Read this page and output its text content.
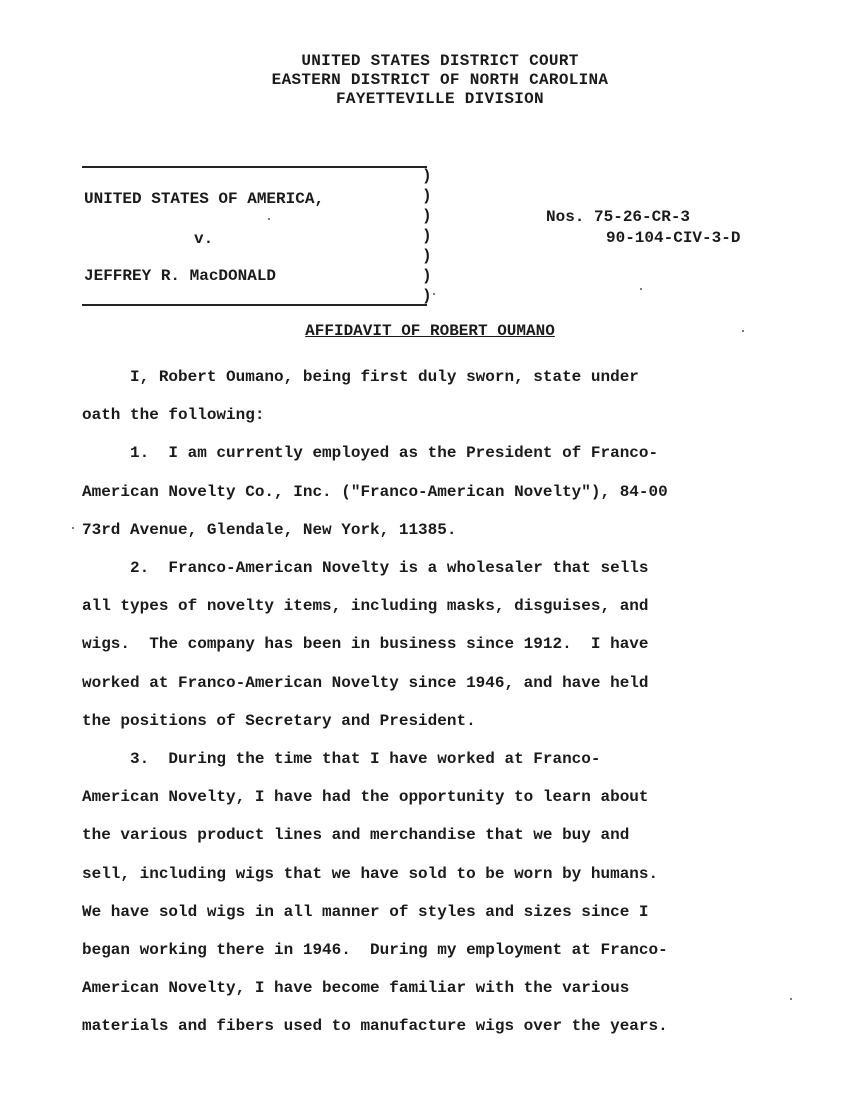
UNITED STATES DISTRICT COURT
EASTERN DISTRICT OF NORTH CAROLINA
FAYETTEVILLE DIVISION
UNITED STATES OF AMERICA,
v.
JEFFREY R. MacDONALD
)
)
)
)
)
)
)
Nos. 75-26-CR-3
90-104-CIV-3-D
AFFIDAVIT OF ROBERT OUMANO
I, Robert Oumano, being first duly sworn, state under
oath the following:
1.  I am currently employed as the President of Franco-
American Novelty Co., Inc. ("Franco-American Novelty"), 84-00
73rd Avenue, Glendale, New York, 11385.
2.  Franco-American Novelty is a wholesaler that sells
all types of novelty items, including masks, disguises, and
wigs.  The company has been in business since 1912.  I have
worked at Franco-American Novelty since 1946, and have held
the positions of Secretary and President.
3.  During the time that I have worked at Franco-
American Novelty, I have had the opportunity to learn about
the various product lines and merchandise that we buy and
sell, including wigs that we have sold to be worn by humans.
We have sold wigs in all manner of styles and sizes since I
began working there in 1946.  During my employment at Franco-
American Novelty, I have become familiar with the various
materials and fibers used to manufacture wigs over the years.
